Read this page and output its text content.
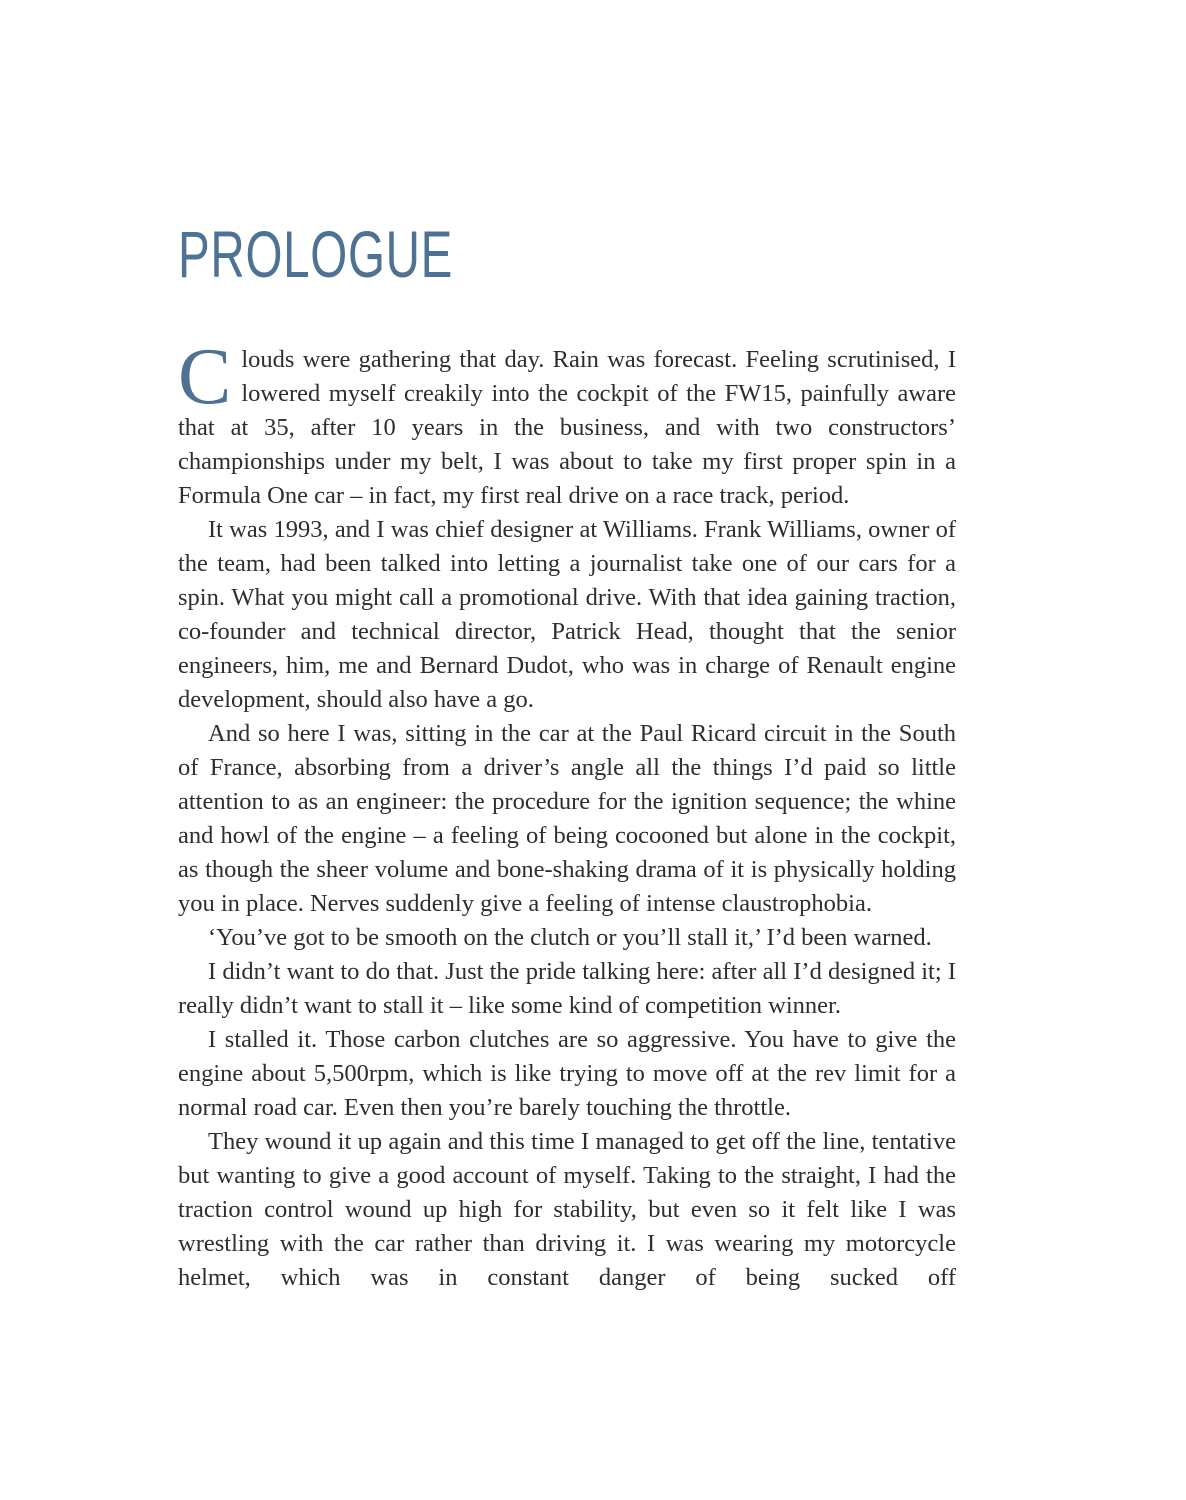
PROLOGUE

Clouds were gathering that day. Rain was forecast. Feeling scrutinised, I lowered myself creakily into the cockpit of the FW15, painfully aware that at 35, after 10 years in the business, and with two constructors’ championships under my belt, I was about to take my first proper spin in a Formula One car – in fact, my first real drive on a race track, period.

It was 1993, and I was chief designer at Williams. Frank Williams, owner of the team, had been talked into letting a journalist take one of our cars for a spin. What you might call a promotional drive. With that idea gaining traction, co-founder and technical director, Patrick Head, thought that the senior engineers, him, me and Bernard Dudot, who was in charge of Renault engine development, should also have a go.

And so here I was, sitting in the car at the Paul Ricard circuit in the South of France, absorbing from a driver’s angle all the things I’d paid so little attention to as an engineer: the procedure for the ignition sequence; the whine and howl of the engine – a feeling of being cocooned but alone in the cockpit, as though the sheer volume and bone-shaking drama of it is physically holding you in place. Nerves suddenly give a feeling of intense claustrophobia.

‘You’ve got to be smooth on the clutch or you’ll stall it,’ I’d been warned.

I didn’t want to do that. Just the pride talking here: after all I’d designed it; I really didn’t want to stall it – like some kind of competition winner.

I stalled it. Those carbon clutches are so aggressive. You have to give the engine about 5,500rpm, which is like trying to move off at the rev limit for a normal road car. Even then you’re barely touching the throttle.

They wound it up again and this time I managed to get off the line, tentative but wanting to give a good account of myself. Taking to the straight, I had the traction control wound up high for stability, but even so it felt like I was wrestling with the car rather than driving it. I was wearing my motorcycle helmet, which was in constant danger of being sucked off
